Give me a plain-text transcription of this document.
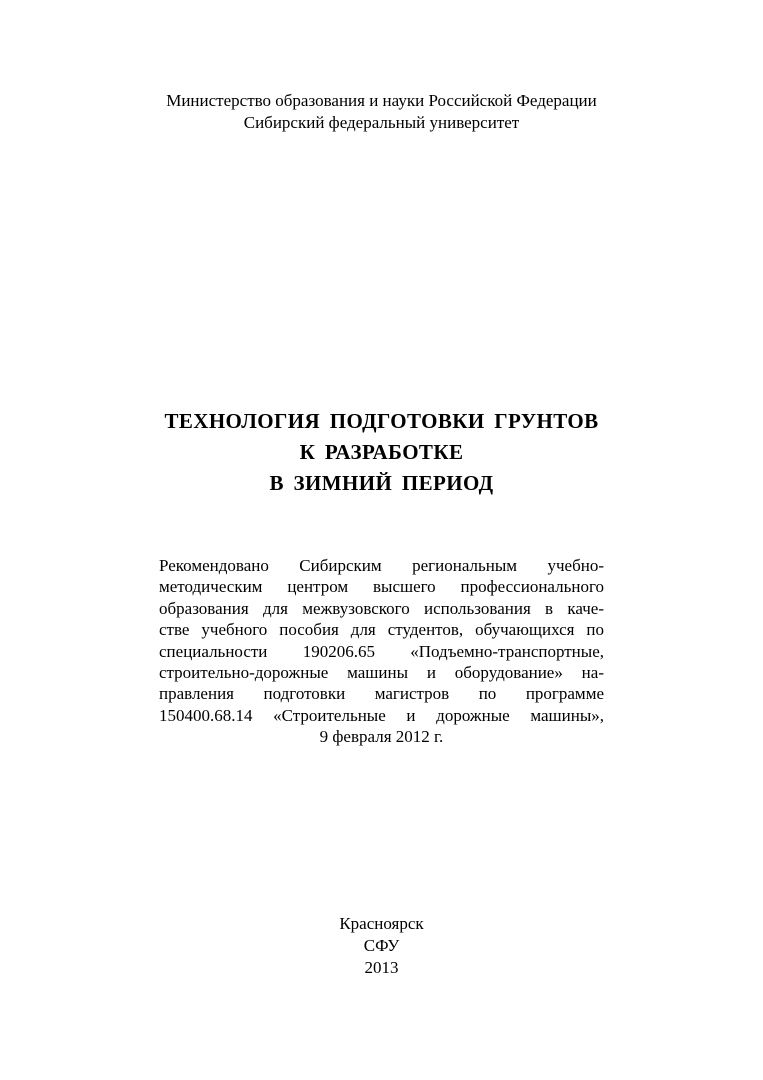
Министерство образования и науки Российской Федерации
Сибирский федеральный университет
ТЕХНОЛОГИЯ ПОДГОТОВКИ ГРУНТОВ
К РАЗРАБОТКЕ
В ЗИМНИЙ ПЕРИОД
Рекомендовано Сибирским региональным учебно-
методическим центром высшего профессионального
образования для межвузовского использования в каче-
стве учебного пособия для студентов, обучающихся по
специальности 190206.65 «Подъемно-транспортные,
строительно-дорожные машины и оборудование» на-
правления подготовки магистров по программе
150400.68.14 «Строительные и дорожные машины»,
9 февраля 2012 г.
Красноярск
СФУ
2013
